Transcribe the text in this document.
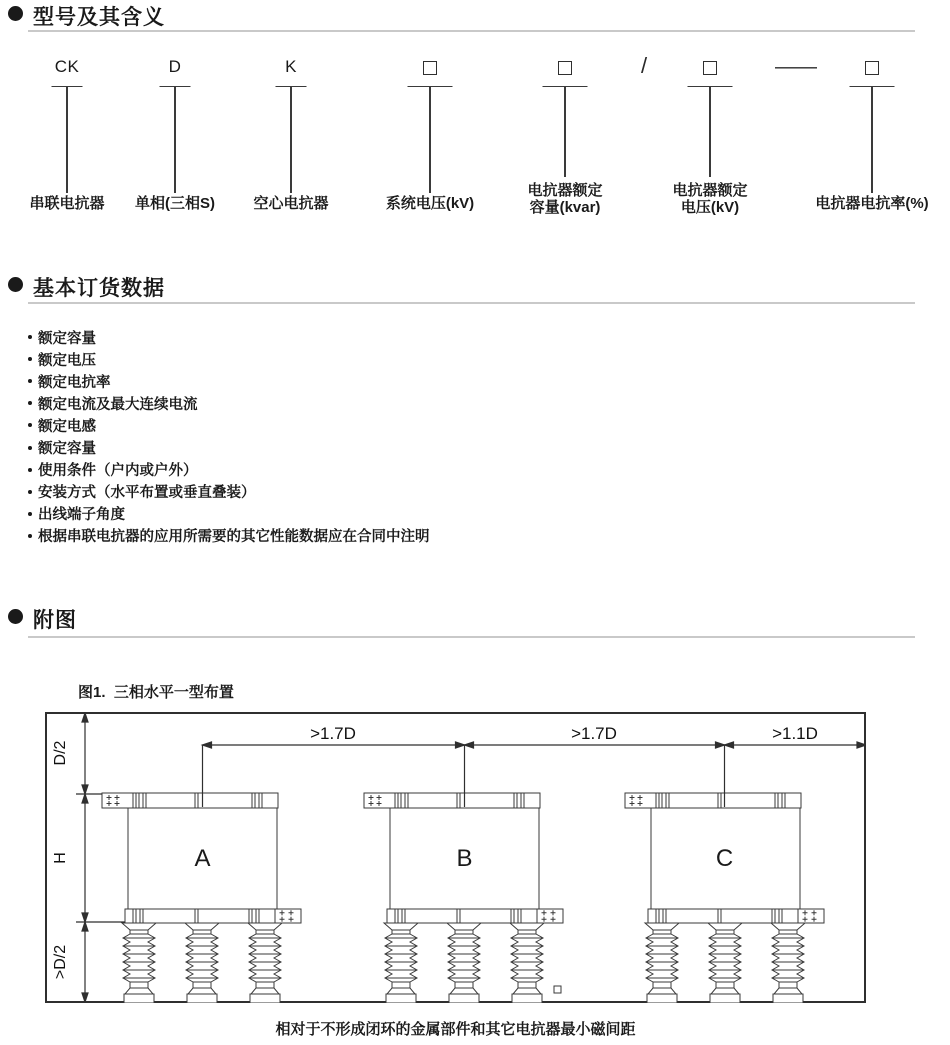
型号及其含义
CK
串联电抗器
D
单相(三相S)
K
空心电抗器	系统电压(kV)
电抗器额定
容量(kvar)
/
电抗器额定
电压(kV)
—
电抗器电抗率(%)
基本订货数据
额定容量
额定电压
额定电抗率
额定电流及最大连续电流
额定电感
额定容量
使用条件（户内或户外）
安装方式（水平布置或垂直叠装）
出线端子角度
根据串联电抗器的应用所需要的其它性能数据应在合同中注明
附图
图1.  三相水平一型布置
A	B	C
>1.7D	>1.7D	>1.1D
D/2
H
>D/2
相对于不形成闭环的金属部件和其它电抗器最小磁间距
